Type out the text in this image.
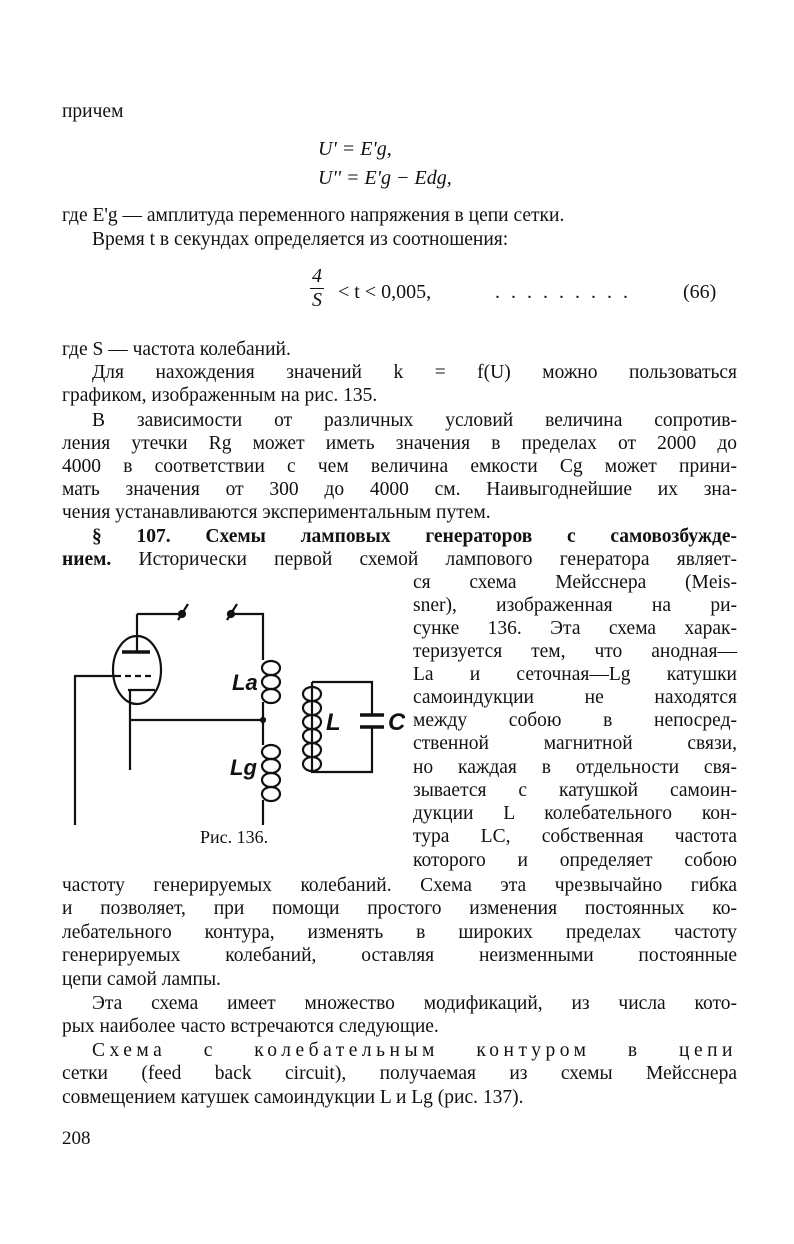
причем
U' = E'g,
U'' = E'g − Edg,
где E'g — амплитуда переменного напряжения в цепи сетки.
Время t в секундах определяется из соотношения:
$\frac{4}{S} < t < 0,005$,	. . . . . . . . .	(66)
где S — частота колебаний.
Для нахождения значений k = f(U) можно пользоваться
графиком, изображенным на рис. 135.
В зависимости от различных условий величина сопротив-
ления утечки Rg может иметь значения в пределах от 2000 до
4000 в соответствии с чем величина емкости Cg может прини-
мать значения от 300 до 4000 см. Наивыгоднейшие их зна-
чения устанавливаются экспериментальным путем.
§ 107. Схемы ламповых генераторов с самовозбужде-
нием. Исторически первой схемой лампового генератора являет-
ся схема Мейсснера (Meis-
sner), изображенная на ри-
сунке 136. Эта схема харак-
теризуется тем, что анодная—
La и сеточная—Lg катушки
самоиндукции не находятся
между собою в непосред-
ственной магнитной связи,
но каждая в отдельности свя-
зывается с катушкой самоин-
дукции L колебательного кон-
тура LC, собственная частота
которого и определяет собою
частоту генерируемых колебаний. Схема эта чрезвычайно гибка
и позволяет, при помощи простого изменения постоянных ко-
лебательного контура, изменять в широких пределах частоту
генерируемых колебаний, оставляя неизменными постоянные
цепи самой лампы.
Эта схема имеет множество модификаций, из числа кото-
рых наиболее часто встречаются следующие.
Схема с колебательным контуром в цепи
сетки (feed back circuit), получаемая из схемы Мейсснера
совмещением катушек самоиндукции L и Lg (рис. 137).
La
Lg
L C
Рис. 136.
208
